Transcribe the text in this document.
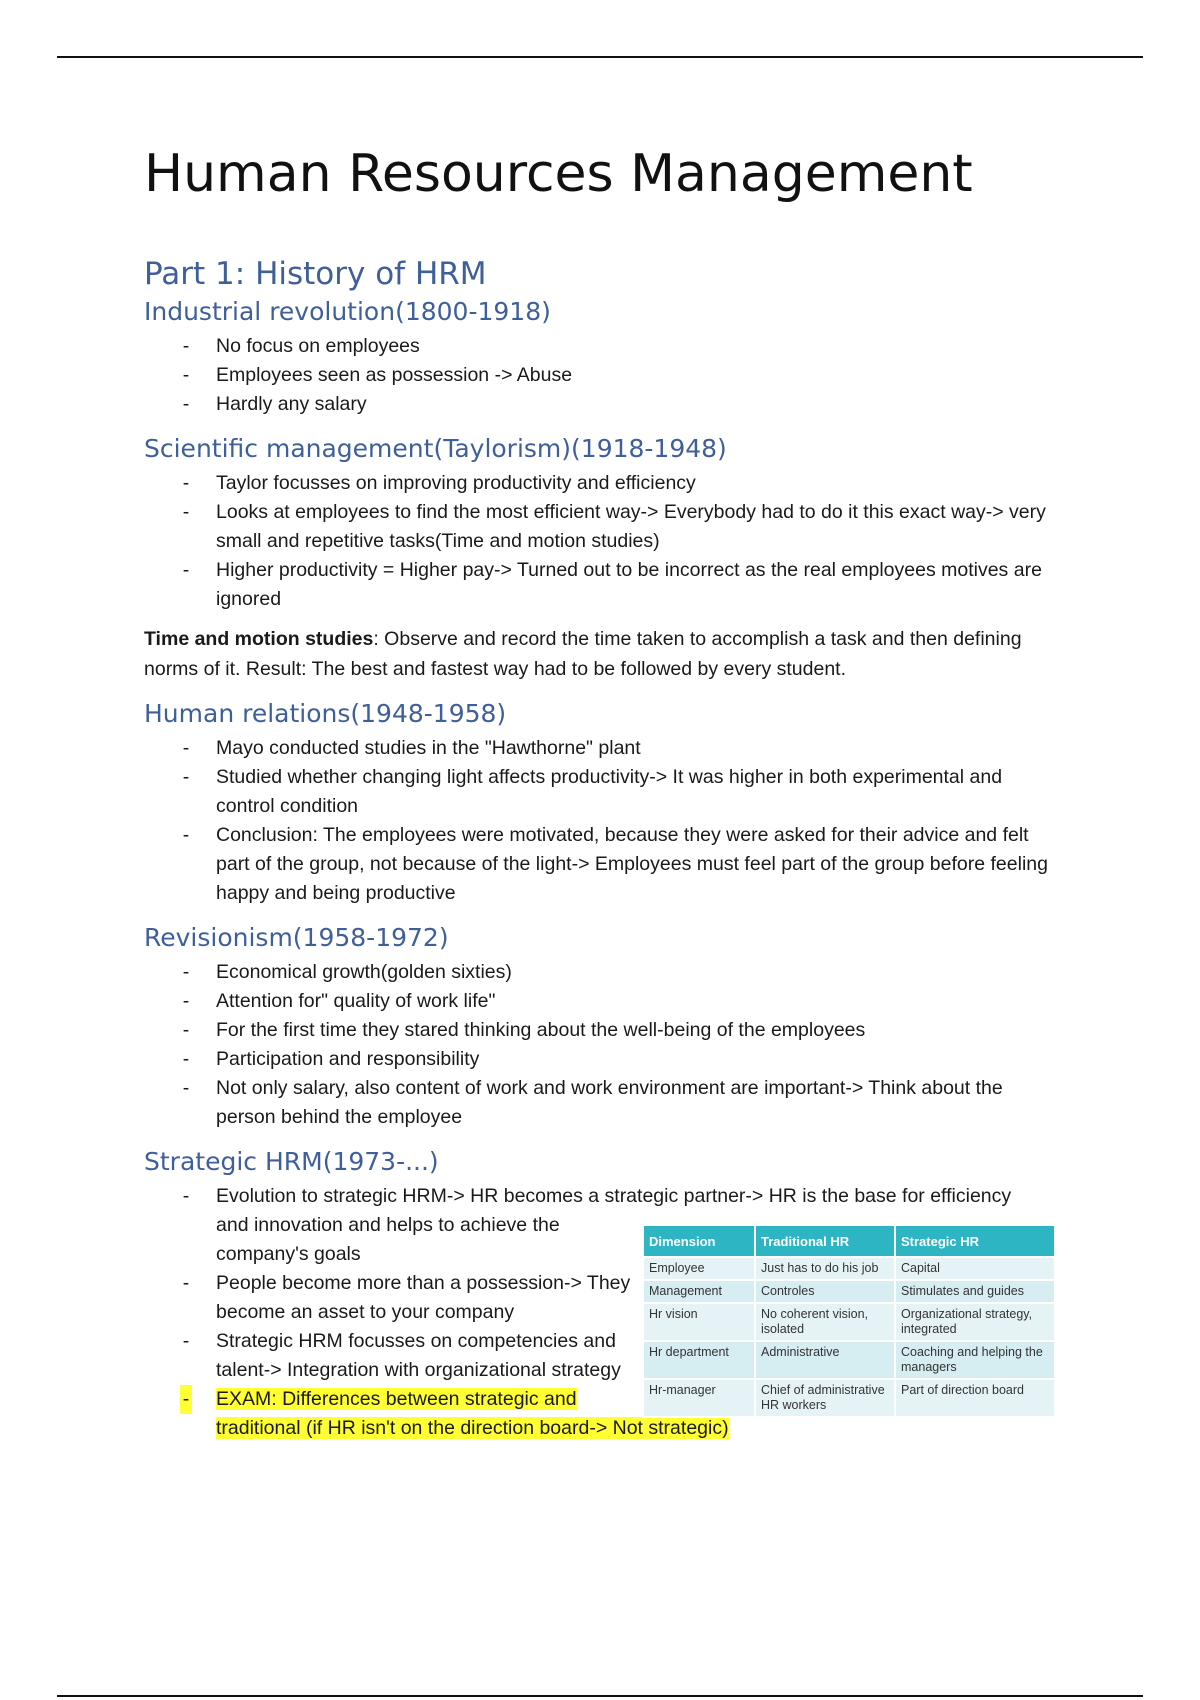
Human Resources Management
Part 1: History of HRM
Industrial revolution(1800-1918)
- No focus on employees
- Employees seen as possession -> Abuse
- Hardly any salary
Scientific management(Taylorism)(1918-1948)
- Taylor focusses on improving productivity and efficiency
- Looks at employees to find the most efficient way-> Everybody had to do it this exact way-> very small and repetitive tasks(Time and motion studies)
- Higher productivity = Higher pay-> Turned out to be incorrect as the real employees motives are ignored

Time and motion studies: Observe and record the time taken to accomplish a task and then defining norms of it. Result: The best and fastest way had to be followed by every student.

Human relations(1948-1958)
- Mayo conducted studies in the "Hawthorne" plant
- Studied whether changing light affects productivity-> It was higher in both experimental and control condition
- Conclusion: The employees were motivated, because they were asked for their advice and felt part of the group, not because of the light-> Employees must feel part of the group before feeling happy and being productive
Revisionism(1958-1972)
- Economical growth(golden sixties)
- Attention for" quality of work life"
- For the first time they stared thinking about the well-being of the employees
- Participation and responsibility
- Not only salary, also content of work and work environment are important-> Think about the person behind the employee
Strategic HRM(1973-...)
- Evolution to strategic HRM-> HR becomes a strategic partner-> HR is the base for efficiency
and innovation and helps to achieve the company's goals
- People become more than a possession-> They become an asset to your company
- Strategic HRM focusses on competencies and talent-> Integration with organizational strategy
- EXAM: Differences between strategic and
traditional (if HR isn't on the direction board-> Not strategic)
Dimension	Traditional HR	Strategic HR
Employee	Just has to do his job	Capital
Management	Controles	Stimulates and guides
Hr vision	No coherent vision, isolated	Organizational strategy, integrated
Hr department	Administrative	Coaching and helping the managers
Hr-manager	Chief of administrative HR workers	Part of direction board
